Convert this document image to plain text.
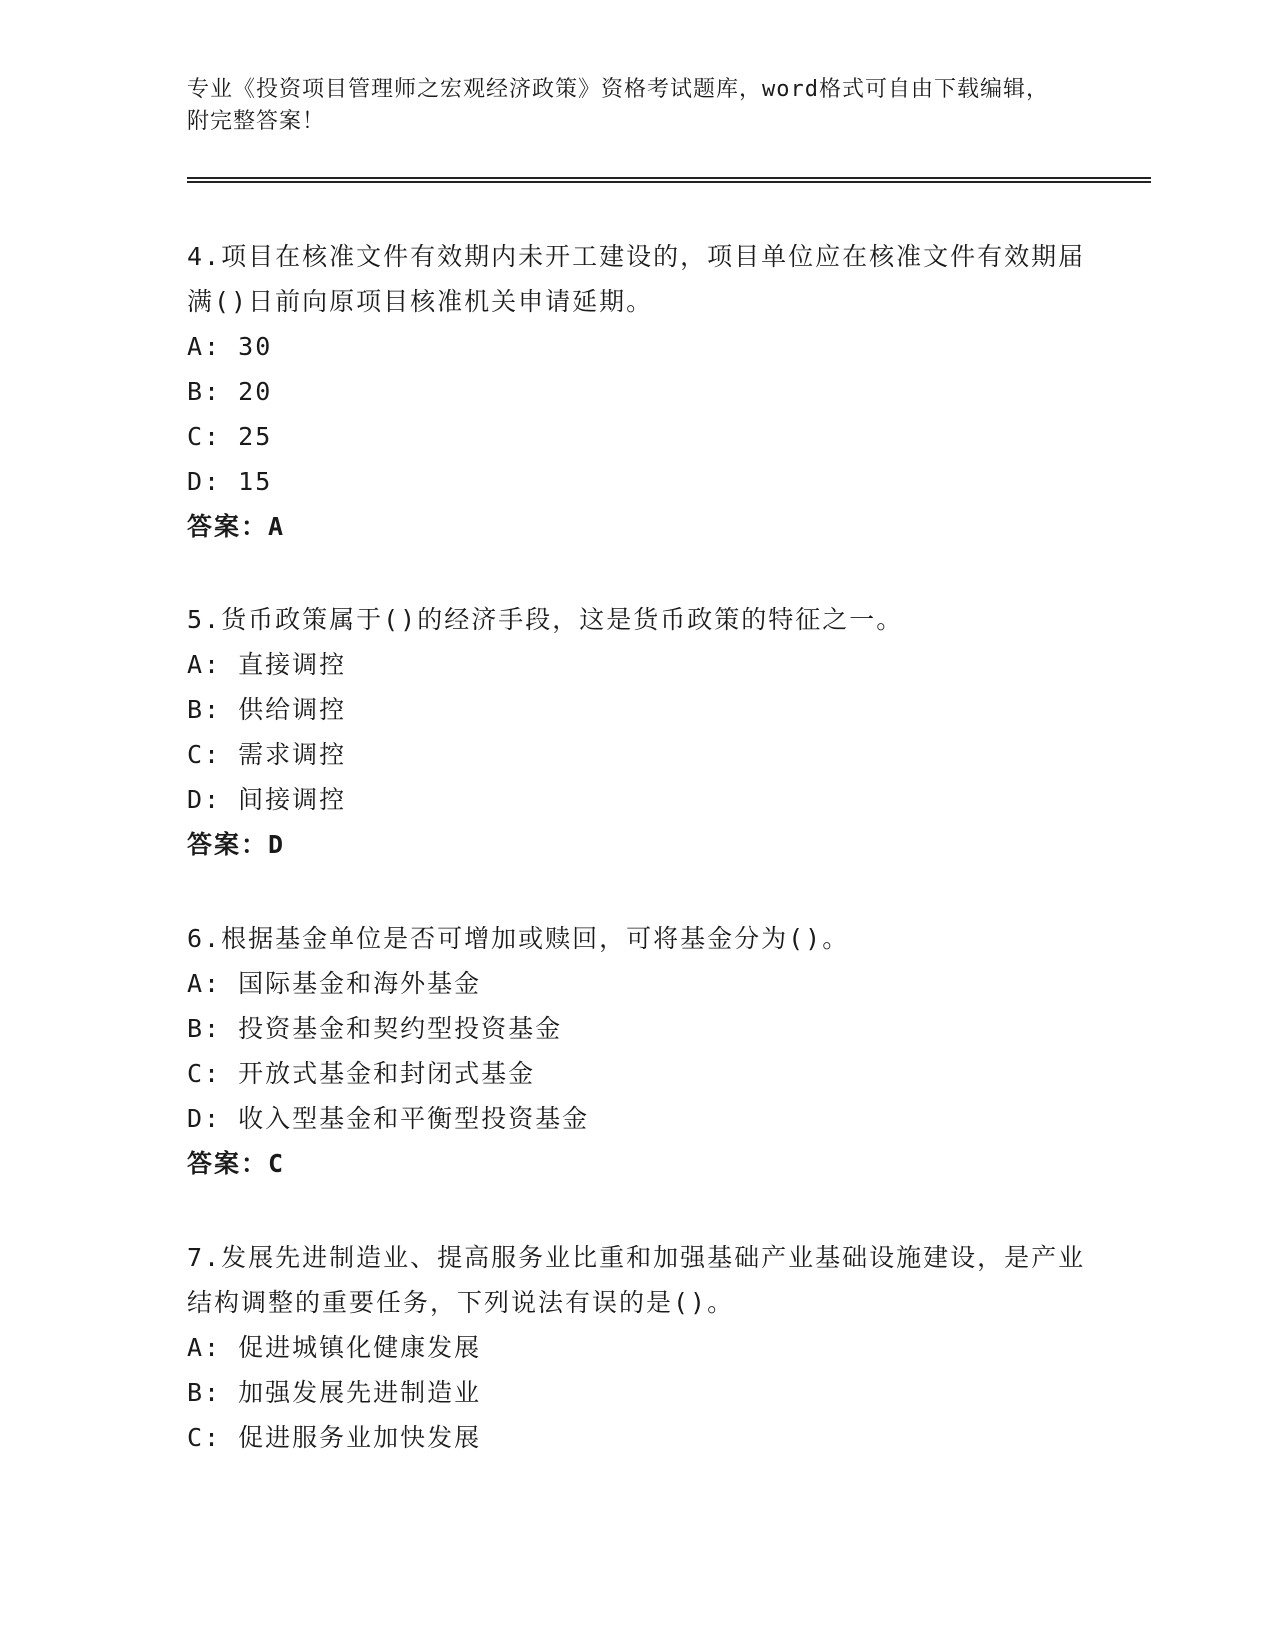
专业《投资项目管理师之宏观经济政策》资格考试题库，word格式可自由下载编辑，附完整答案！

4.项目在核准文件有效期内未开工建设的，项目单位应在核准文件有效期届满()日前向原项目核准机关申请延期。

A: 30

B: 20

C: 25

D: 15

答案：A

5.货币政策属于()的经济手段，这是货币政策的特征之一。

A: 直接调控

B: 供给调控

C: 需求调控

D: 间接调控

答案：D

6.根据基金单位是否可增加或赎回，可将基金分为()。

A: 国际基金和海外基金

B: 投资基金和契约型投资基金

C: 开放式基金和封闭式基金

D: 收入型基金和平衡型投资基金

答案：C

7.发展先进制造业、提高服务业比重和加强基础产业基础设施建设，是产业结构调整的重要任务，下列说法有误的是()。

A: 促进城镇化健康发展

B: 加强发展先进制造业

C: 促进服务业加快发展
